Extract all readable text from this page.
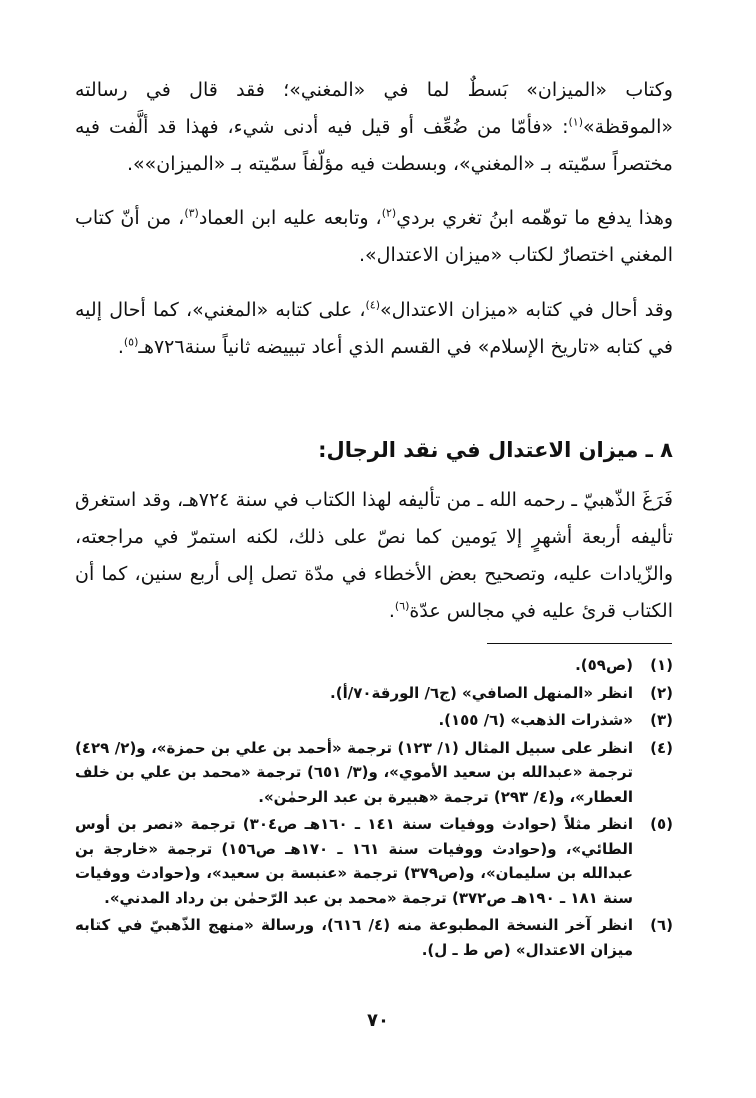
وكتاب «الميزان» بَسطٌ لما في «المغني»؛ فقد قال في رسالته «الموقظة»$^{(١)}$: «فأمّا من ضُعِّف أو قيل فيه أدنى شيء، فهذا قد ألَّفت فيه مختصراً سمّيته بـ «المغني»، وبسطت فيه مؤلّفاً سمّيته بـ «الميزان»».
وهذا يدفع ما توهّمه ابنُ تغري بردي$^{(٢)}$، وتابعه عليه ابن العماد$^{(٣)}$، من أنّ كتاب المغني اختصارٌ لكتاب «ميزان الاعتدال».
وقد أحال في كتابه «ميزان الاعتدال»$^{(٤)}$، على كتابه «المغني»، كما أحال إليه في كتابه «تاريخ الإسلام» في القسم الذي أعاد تبييضه ثانياً سنة٧٢٦هـ$^{(٥)}$.
٨ ـ ميزان الاعتدال في نقد الرجال:
فَرَغَ الذّهبيّ ـ رحمه الله ـ من تأليفه لهذا الكتاب في سنة ٧٢٤هـ، وقد استغرق تأليفه أربعة أشهرٍ إلا يَومين كما نصّ على ذلك، لكنه استمرّ في مراجعته، والزّيادات عليه، وتصحيح بعض الأخطاء في مدّة تصل إلى أربع سنين، كما أن الكتاب قرئ عليه في مجالس عدّة$^{(٦)}$.
(١)
(ص٥٩).
(٢)
انظر «المنهل الصافي» (ج٦/ الورقة٧٠/أ).
(٣)
«شذرات الذهب» (٦/ ١٥٥).
(٤)
انظر على سبيل المثال (١/ ١٢٣) ترجمة «أحمد بن علي بن حمزة»، و(٢/ ٤٢٩) ترجمة «عبدالله بن سعيد الأموي»، و(٣/ ٦٥١) ترجمة «محمد بن علي بن خلف العطار»، و(٤/ ٢٩٣) ترجمة «هبيرة بن عبد الرحمٰن».
(٥)
انظر مثلاً (حوادث ووفيات سنة ١٤١ ـ ١٦٠هـ ص٣٠٤) ترجمة «نصر بن أوس الطائي»، و(حوادث ووفيات سنة ١٦١ ـ ١٧٠هـ ص١٥٦) ترجمة «خارجة بن عبدالله بن سليمان»، و(ص٣٧٩) ترجمة «عنبسة بن سعيد»، و(حوادث ووفيات سنة ١٨١ ـ ١٩٠هـ ص٣٧٢) ترجمة «محمد بن عبد الرّحمٰن بن رداد المدني».
(٦)
انظر آخر النسخة المطبوعة منه (٤/ ٦١٦)، ورسالة «منهج الذّهبيّ في كتابه ميزان الاعتدال» (ص ط ـ ل).
٧٠
